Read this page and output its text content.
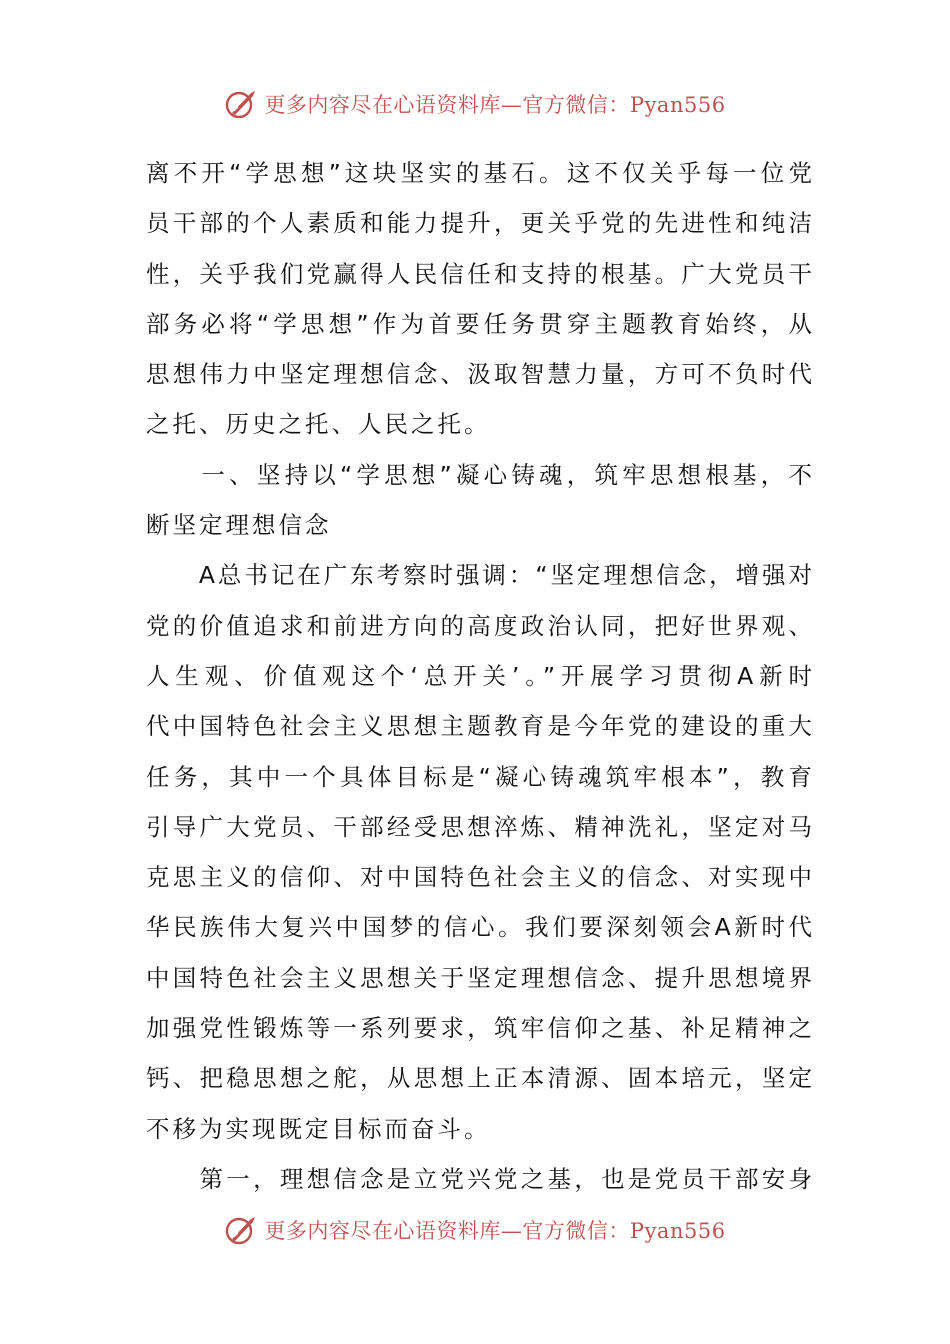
更多内容尽在心语资料库—官方微信：Pyan556
离不开“学思想”这块坚实的基石。这不仅关乎每一位党
员干部的个人素质和能力提升，更关乎党的先进性和纯洁
性，关乎我们党赢得人民信任和支持的根基。广大党员干
部务必将“学思想”作为首要任务贯穿主题教育始终，从
思想伟力中坚定理想信念、汲取智慧力量，方可不负时代
之托、历史之托、人民之托。
　　一、坚持以“学思想”凝心铸魂，筑牢思想根基，不
断坚定理想信念
　　A总书记在广东考察时强调：“坚定理想信念，增强对
党的价值追求和前进方向的高度政治认同，把好世界观、
人生观、价值观这个‘总开关’。”开展学习贯彻A新时
代中国特色社会主义思想主题教育是今年党的建设的重大
任务，其中一个具体目标是“凝心铸魂筑牢根本”，教育
引导广大党员、干部经受思想淬炼、精神洗礼，坚定对马
克思主义的信仰、对中国特色社会主义的信念、对实现中
华民族伟大复兴中国梦的信心。我们要深刻领会A新时代
中国特色社会主义思想关于坚定理想信念、提升思想境界
加强党性锻炼等一系列要求，筑牢信仰之基、补足精神之
钙、把稳思想之舵，从思想上正本清源、固本培元，坚定
不移为实现既定目标而奋斗。
　　第一，理想信念是立党兴党之基，也是党员干部安身
更多内容尽在心语资料库—官方微信：Pyan556
